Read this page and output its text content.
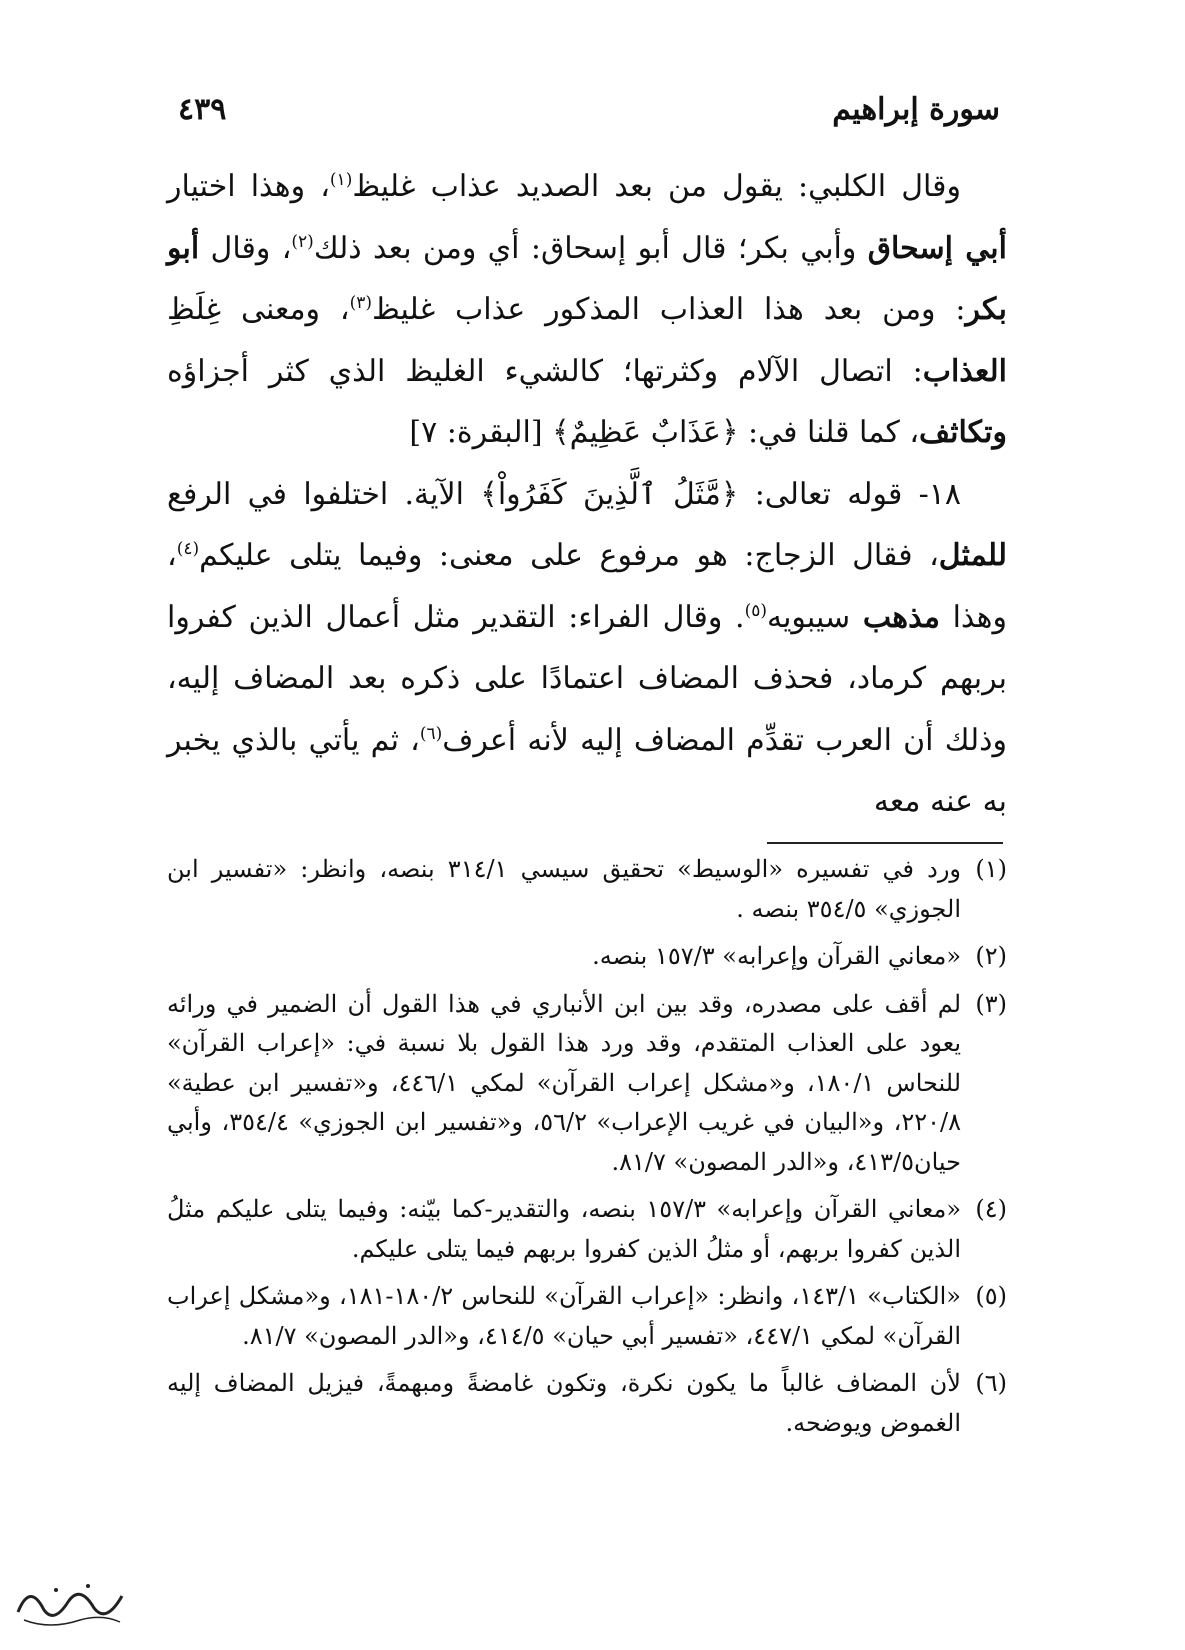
سورة إبراهيم
٤٣٩

وقال الكلبي: يقول من بعد الصديد عذاب غليظ$^{(١)}$، وهذا اختيار أبي إسحاق وأبي بكر؛ قال أبو إسحاق: أي ومن بعد ذلك$^{(٢)}$، وقال أبو بكر: ومن بعد هذا العذاب المذكور عذاب غليظ$^{(٣)}$، ومعنى غِلَظِ العذاب: اتصال الآلام وكثرتها؛ كالشيء الغليظ الذي كثر أجزاؤه وتكاثف، كما قلنا في: ﴿عَذَابٌ عَظِيمٌ﴾ [البقرة: ٧]

١٨- قوله تعالى: ﴿مَّثَلُ ٱلَّذِينَ كَفَرُواْ﴾ الآية. اختلفوا في الرفع للمثل، فقال الزجاج: هو مرفوع على معنى: وفيما يتلى عليكم$^{(٤)}$، وهذا مذهب سيبويه$^{(٥)}$. وقال الفراء: التقدير مثل أعمال الذين كفروا بربهم كرماد، فحذف المضاف اعتمادًا على ذكره بعد المضاف إليه، وذلك أن العرب تقدِّم المضاف إليه لأنه أعرف$^{(٦)}$، ثم يأتي بالذي يخبر به عنه معه

(١)
ورد في تفسيره «الوسيط» تحقيق سيسي ٣١٤/١ بنصه، وانظر: «تفسير ابن الجوزي» ٣٥٤/٥ بنصه .
(٢)
«معاني القرآن وإعرابه» ١٥٧/٣ بنصه.
(٣)
لم أقف على مصدره، وقد بين ابن الأنباري في هذا القول أن الضمير في ورائه يعود على العذاب المتقدم، وقد ورد هذا القول بلا نسبة في: «إعراب القرآن» للنحاس ١٨٠/١، و«مشكل إعراب القرآن» لمكي ٤٤٦/١، و«تفسير ابن عطية» ٢٢٠/٨، و«البيان في غريب الإعراب» ٥٦/٢، و«تفسير ابن الجوزي» ٣٥٤/٤، وأبي حيان٤١٣/٥، و«الدر المصون» ٨١/٧.
(٤)
«معاني القرآن وإعرابه» ١٥٧/٣ بنصه، والتقدير-كما بيّنه: وفيما يتلى عليكم مثلُ الذين كفروا بربهم، أو مثلُ الذين كفروا بربهم فيما يتلى عليكم.
(٥)
«الكتاب» ١٤٣/١، وانظر: «إعراب القرآن» للنحاس ١٨٠/٢-١٨١، و«مشكل إعراب القرآن» لمكي ٤٤٧/١، «تفسير أبي حيان» ٤١٤/٥، و«الدر المصون» ٨١/٧.
(٦)
لأن المضاف غالباً ما يكون نكرة، وتكون غامضةً ومبهمةً، فيزيل المضاف إليه الغموض ويوضحه.
